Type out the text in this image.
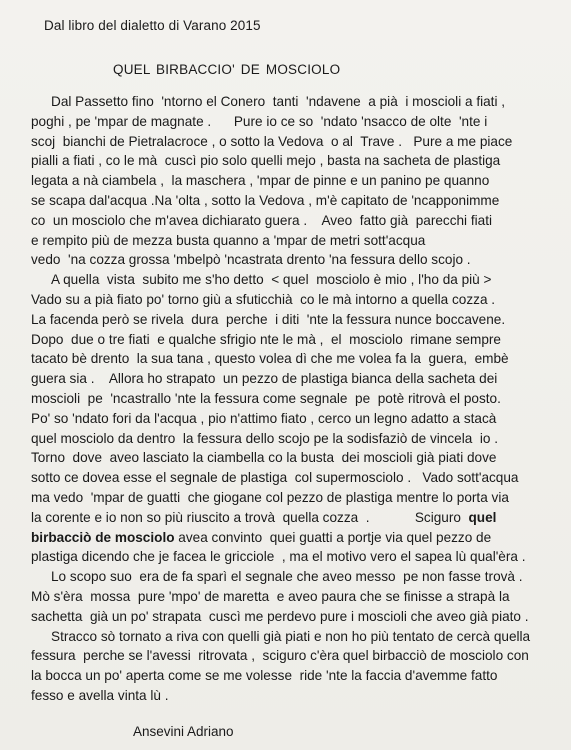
Dal libro del dialetto di Varano 2015
QUEL BIRBACCIO' DE MOSCIOLO
Dal Passetto fino  'ntorno el Conero  tanti  'ndavene  a pià  i moscioli a fiati ,
poghi , pe 'mpar de magnate .      Pure io ce so  'ndato 'nsacco de olte  'nte i
scoj  bianchi de Pietralacroce , o sotto la Vedova  o al  Trave .   Pure a me piace
pialli a fiati , co le mà  cuscì pio solo quelli mejo , basta na sacheta de plastiga
legata a nà ciambela ,  la maschera , 'mpar de pinne e un panino pe quanno
se scapa dal'acqua .Na 'olta , sotto la Vedova , m'è capitato de 'ncapponimme
co  un mosciolo che m'avea dichiarato guera .    Aveo  fatto già  parecchi fiati
e rempito più de mezza busta quanno a 'mpar de metri sott'acqua
vedo  'na cozza grossa 'mbelpò 'ncastrata drento 'na fessura dello scojo .
A quella  vista  subito me s'ho detto  < quel  mosciolo è mio , l'ho da più >
Vado su a pià fiato po' torno giù a sfuticchià  co le mà intorno a quella cozza .
La facenda però se rivela  dura  perche  i diti  'nte la fessura nunce boccavene.
Dopo  due o tre fiati  e qualche sfrigio nte le mà ,  el  mosciolo  rimane sempre
tacato bè drento  la sua tana , questo volea dì che me volea fa la  guera,  embè
guera sia .    Allora ho strapato  un pezzo de plastiga bianca della sacheta dei
moscioli  pe  'ncastrallo 'nte la fessura come segnale  pe  potè ritrovà el posto.
Po' so 'ndato fori da l'acqua , pio n'attimo fiato , cerco un legno adatto a stacà
quel mosciolo da dentro  la fessura dello scojo pe la sodisfaziò de vincela  io .
Torno  dove  aveo lasciato la ciambella co la busta  dei moscioli già piati dove
sotto ce dovea esse el segnale de plastiga  col supermosciolo .   Vado sott'acqua
ma vedo  'mpar de guatti  che giogane col pezzo de plastiga mentre lo porta via
la corente e io non so più riuscito a trovà  quella cozza  .            Sciguro  quel
birbacciò de mosciolo avea convinto  quei guatti a portje via quel pezzo de
plastiga dicendo che je facea le gricciole  , ma el motivo vero el sapea lù qual'èra .
Lo scopo suo  era de fa sparì el segnale che aveo messo  pe non fasse trovà .
Mò s'èra  mossa  pure 'mpo' de maretta  e aveo paura che se finisse a strapà la
sachetta  già un po' strapata  cuscì me perdevo pure i moscioli che aveo già piato .
Stracco sò tornato a riva con quelli già piati e non ho più tentato de cercà quella
fessura  perche se l'avessi  ritrovata ,  sciguro c'èra quel birbacciò de mosciolo con
la bocca un po' aperta come se me volesse  ride 'nte la faccia d'avemme fatto
fesso e avella vinta lù .
Ansevini Adriano
